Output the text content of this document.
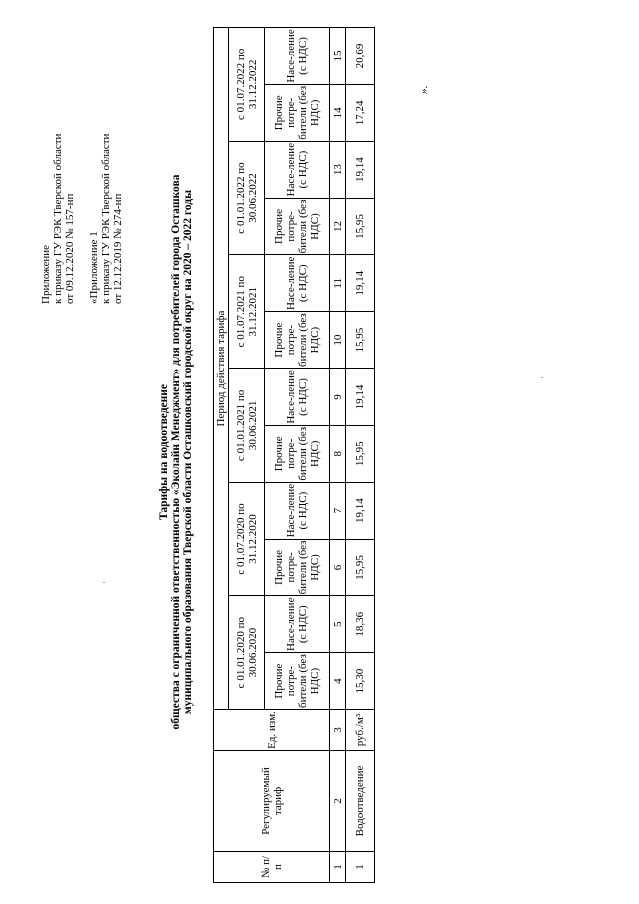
Приложение к приказу ГУ РЭК Тверской области от 09.12.2020 № 157-нп «Приложение 1 к приказу ГУ РЭК Тверской области от 12.12.2019 № 274-нп
Тарифы на водоотведение общества с ограниченной ответственностью «Эколайн Менеджмент» для потребителей города Осташкова муниципального образования Тверской области Осташковский городской округ на 2020 – 2022 годы
№ п/п	Регулируемый тариф	Ед. изм.	Период действия тарифа											
			с 01.01.2020 по 30.06.2020		с 01.07.2020 по 31.12.2020		с 01.01.2021 по 30.06.2021		с 01.07.2021 по 31.12.2021		с 01.01.2022 по 30.06.2022		с 01.07.2022 по 31.12.2022	
			Прочие потре-бители (без НДС)	Насе-ление (с НДС)	Прочие потре-бители (без НДС)	Насе-ление (с НДС)	Прочие потре-бители (без НДС)	Насе-ление (с НДС)	Прочие потре-бители (без НДС)	Насе-ление (с НДС)	Прочие потре-бители (без НДС)	Насе-ление (с НДС)	Прочие потре-бители (без НДС)	Насе-ление (с НДС)
1	2	3	4	5	6	7	8	9	10	11	12	13	14	15
1	Водоотведение	руб./м³	15,30	18,36	15,95	19,14	15,95	19,14	15,95	19,14	15,95	19,14	17,24	20,69
».
